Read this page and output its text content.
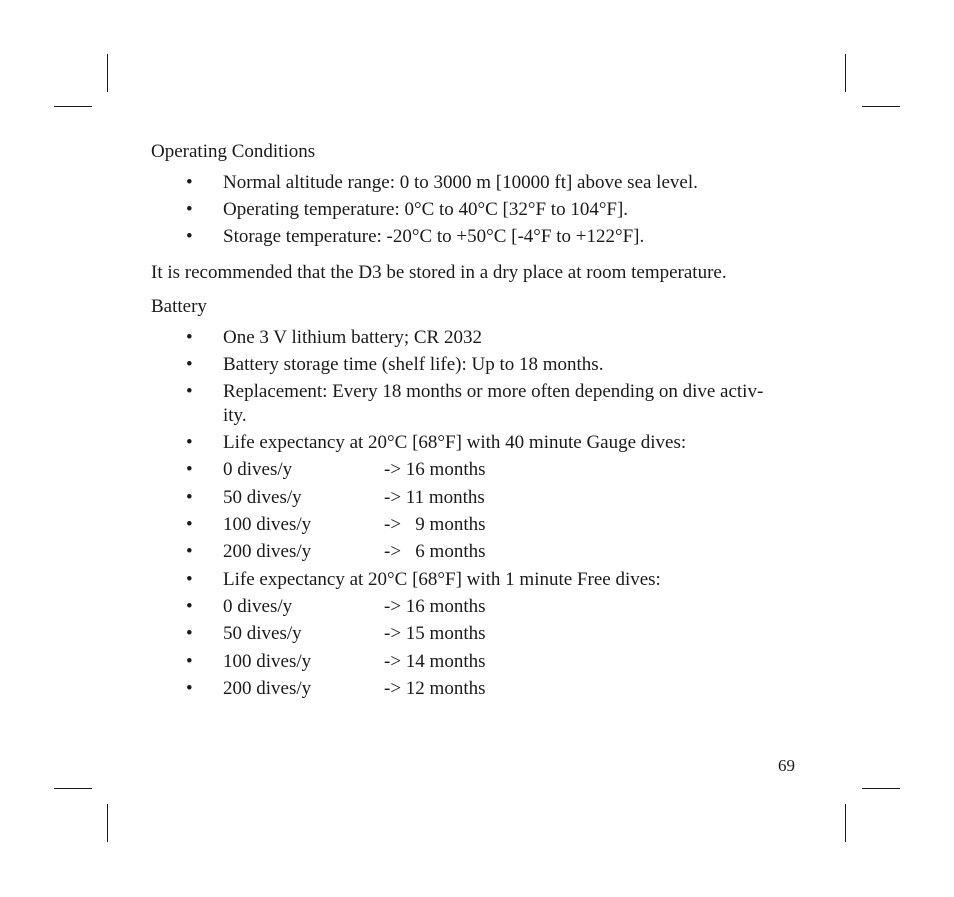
Operating Conditions
• Normal altitude range: 0 to 3000 m [10000 ft] above sea level.
• Operating temperature: 0°C to 40°C [32°F to 104°F].
• Storage temperature: -20°C to +50°C [-4°F to +122°F].
It is recommended that the D3 be stored in a dry place at room temperature.
Battery
• One 3 V lithium battery; CR 2032
• Battery storage time (shelf life): Up to 18 months.
• Replacement: Every 18 months or more often depending on dive activ-
ity.
• Life expectancy at 20°C [68°F] with 40 minute Gauge dives:
• 0 dives/y	-> 16 months
• 50 dives/y	-> 11 months
• 100 dives/y	->   9 months
• 200 dives/y	->   6 months
• Life expectancy at 20°C [68°F] with 1 minute Free dives:
• 0 dives/y	-> 16 months
• 50 dives/y	-> 15 months
• 100 dives/y	-> 14 months
• 200 dives/y	-> 12 months
69
